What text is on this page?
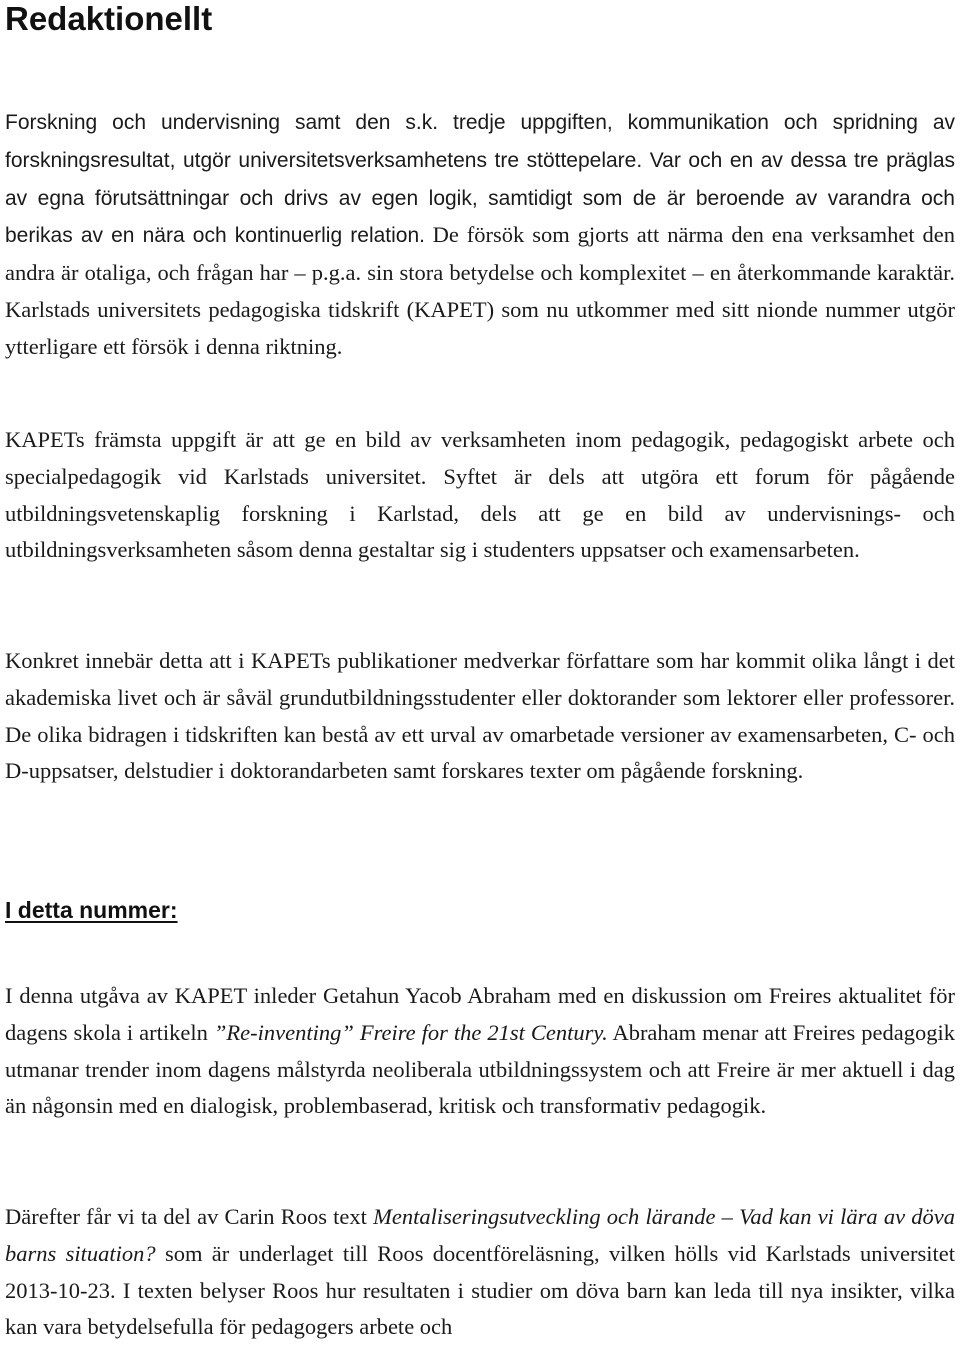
Redaktionellt

Forskning och undervisning samt den s.k. tredje uppgiften, kommunikation och spridning av forskningsresultat, utgör universitetsverksamhetens tre stöttepelare. Var och en av dessa tre präglas av egna förutsättningar och drivs av egen logik, samtidigt som de är beroende av varandra och berikas av en nära och kontinuerlig relation. De försök som gjorts att närma den ena verksamhet den andra är otaliga, och frågan har – p.g.a. sin stora betydelse och komplexitet – en återkommande karaktär. Karlstads universitets pedagogiska tidskrift (KAPET) som nu utkommer med sitt nionde nummer utgör ytterligare ett försök i denna riktning.

KAPETs främsta uppgift är att ge en bild av verksamheten inom pedagogik, pedagogiskt arbete och specialpedagogik vid Karlstads universitet. Syftet är dels att utgöra ett forum för pågående utbildningsvetenskaplig forskning i Karlstad, dels att ge en bild av undervisnings- och utbildningsverksamheten såsom denna gestaltar sig i studenters uppsatser och examensarbeten.

Konkret innebär detta att i KAPETs publikationer medverkar författare som har kommit olika långt i det akademiska livet och är såväl grundutbildningsstudenter eller doktorander som lektorer eller professorer. De olika bidragen i tidskriften kan bestå av ett urval av omarbetade versioner av examensarbeten, C- och D-uppsatser, delstudier i doktorandarbeten samt forskares texter om pågående forskning.

I detta nummer:

I denna utgåva av KAPET inleder Getahun Yacob Abraham med en diskussion om Freires aktualitet för dagens skola i artikeln ”Re-inventing” Freire for the 21st Century. Abraham menar att Freires pedagogik utmanar trender inom dagens målstyrda neoliberala utbildningssystem och att Freire är mer aktuell i dag än någonsin med en dialogisk, problembaserad, kritisk och transformativ pedagogik.

Därefter får vi ta del av Carin Roos text Mentaliseringsutveckling och lärande – Vad kan vi lära av döva barns situation? som är underlaget till Roos docentföreläsning, vilken hölls vid Karlstads universitet 2013-10-23. I texten belyser Roos hur resultaten i studier om döva barn kan leda till nya insikter, vilka kan vara betydelsefulla för pedagogers arbete och
